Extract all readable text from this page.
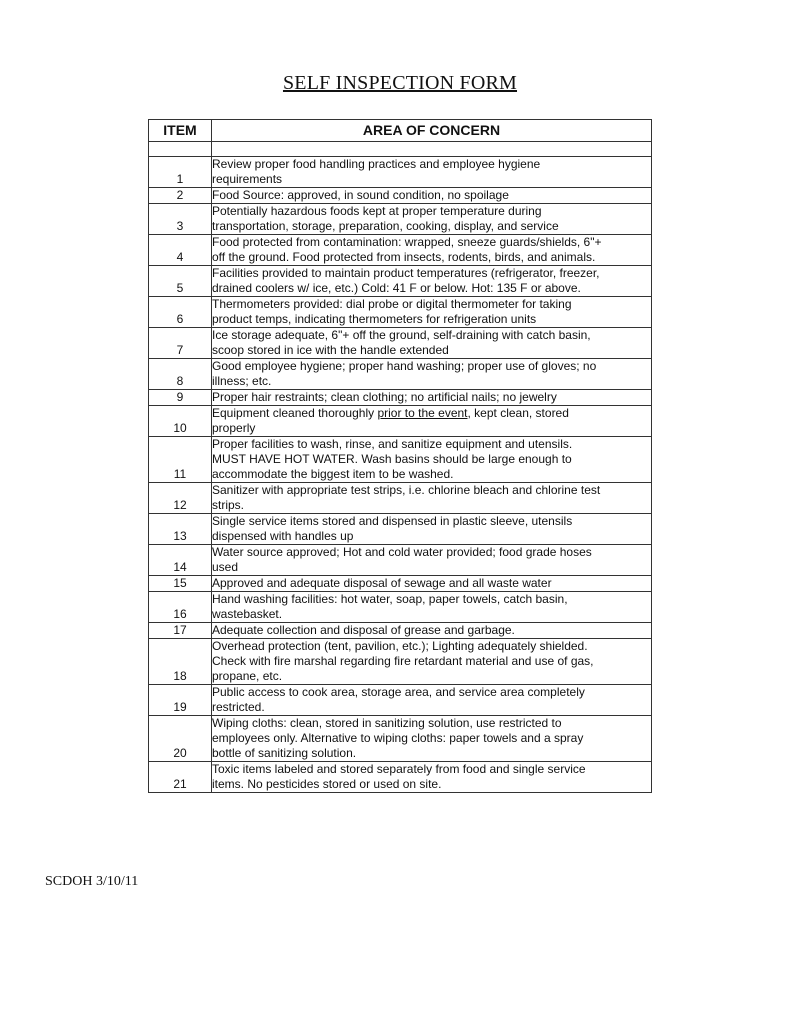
SELF INSPECTION FORM
ITEM	AREA OF CONCERN

1	Review proper food handling practices and employee hygiene
requirements
2	Food Source: approved, in sound condition, no spoilage
3	Potentially hazardous foods kept at proper temperature during
transportation, storage, preparation, cooking, display, and service
4	Food protected from contamination: wrapped, sneeze guards/shields, 6"+
off the ground. Food protected from insects, rodents, birds, and animals.
5	Facilities provided to maintain product temperatures (refrigerator, freezer,
drained coolers w/ ice, etc.) Cold: 41 F or below. Hot: 135 F or above.
6	Thermometers provided: dial probe or digital thermometer for taking
product temps, indicating thermometers for refrigeration units
7	Ice storage adequate, 6"+ off the ground, self-draining with catch basin,
scoop stored in ice with the handle extended
8	Good employee hygiene; proper hand washing; proper use of gloves; no
illness; etc.
9	Proper hair restraints; clean clothing; no artificial nails; no jewelry
10	Equipment cleaned thoroughly prior to the event, kept clean, stored
properly
11	Proper facilities to wash, rinse, and sanitize equipment and utensils.
MUST HAVE HOT WATER. Wash basins should be large enough to
accommodate the biggest item to be washed.
12	Sanitizer with appropriate test strips, i.e. chlorine bleach and chlorine test
strips.
13	Single service items stored and dispensed in plastic sleeve, utensils
dispensed with handles up
14	Water source approved; Hot and cold water provided; food grade hoses
used
15	Approved and adequate disposal of sewage and all waste water
16	Hand washing facilities: hot water, soap, paper towels, catch basin,
wastebasket.
17	Adequate collection and disposal of grease and garbage.
18	Overhead protection (tent, pavilion, etc.); Lighting adequately shielded.
Check with fire marshal regarding fire retardant material and use of gas,
propane, etc.
19	Public access to cook area, storage area, and service area completely
restricted.
20	Wiping cloths: clean, stored in sanitizing solution, use restricted to
employees only. Alternative to wiping cloths: paper towels and a spray
bottle of sanitizing solution.
21	Toxic items labeled and stored separately from food and single service
items. No pesticides stored or used on site.
SCDOH 3/10/11
